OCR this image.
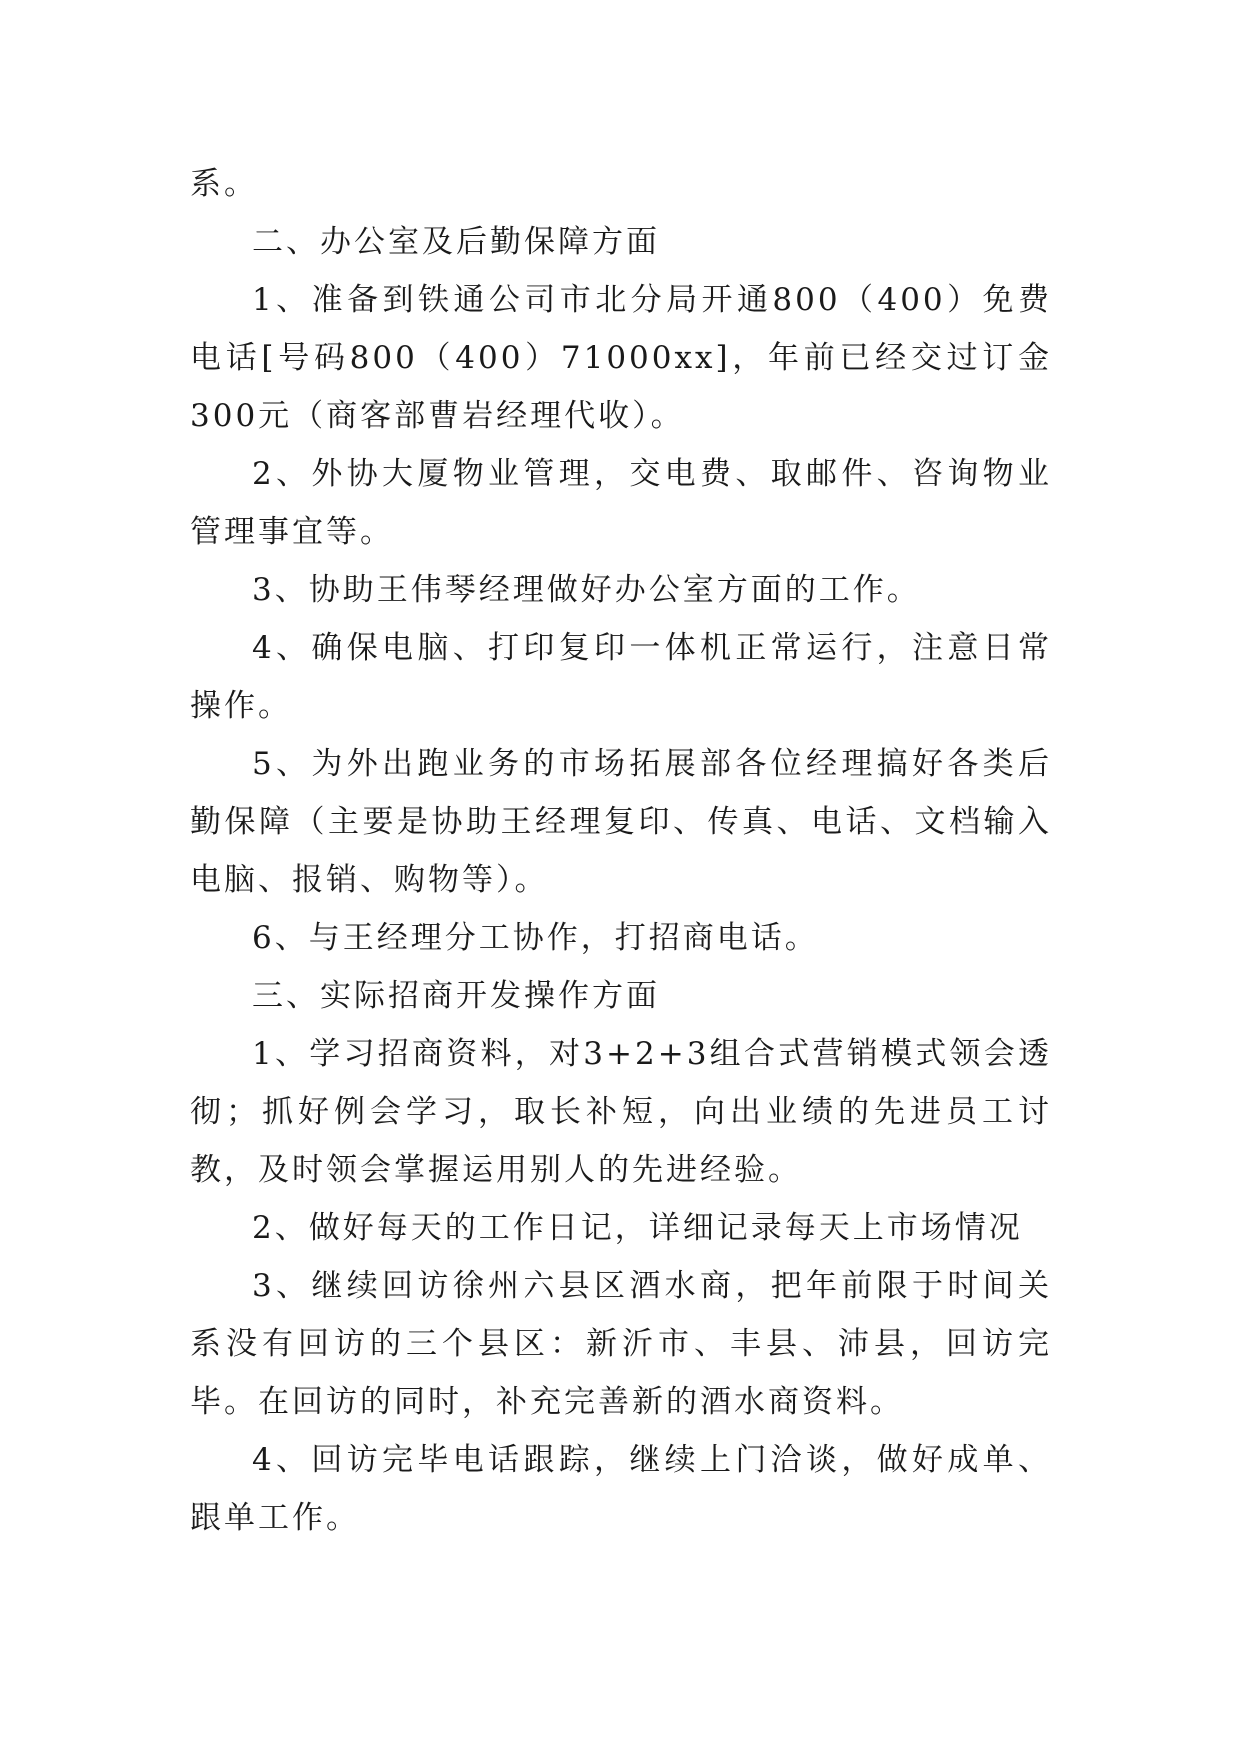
系。

二、办公室及后勤保障方面

1、准备到铁通公司市北分局开通800（400）免费电话[号码800（400）71000xx]，年前已经交过订金300元（商客部曹岩经理代收）。

2、外协大厦物业管理，交电费、取邮件、咨询物业管理事宜等。

3、协助王伟琴经理做好办公室方面的工作。

4、确保电脑、打印复印一体机正常运行，注意日常操作。

5、为外出跑业务的市场拓展部各位经理搞好各类后勤保障（主要是协助王经理复印、传真、电话、文档输入电脑、报销、购物等）。

6、与王经理分工协作，打招商电话。

三、实际招商开发操作方面

1、学习招商资料，对3+2+3组合式营销模式领会透彻；抓好例会学习，取长补短，向出业绩的先进员工讨教，及时领会掌握运用别人的先进经验。

2、做好每天的工作日记，详细记录每天上市场情况

3、继续回访徐州六县区酒水商，把年前限于时间关系没有回访的三个县区：新沂市、丰县、沛县，回访完毕。在回访的同时，补充完善新的酒水商资料。

4、回访完毕电话跟踪，继续上门洽谈，做好成单、跟单工作。
